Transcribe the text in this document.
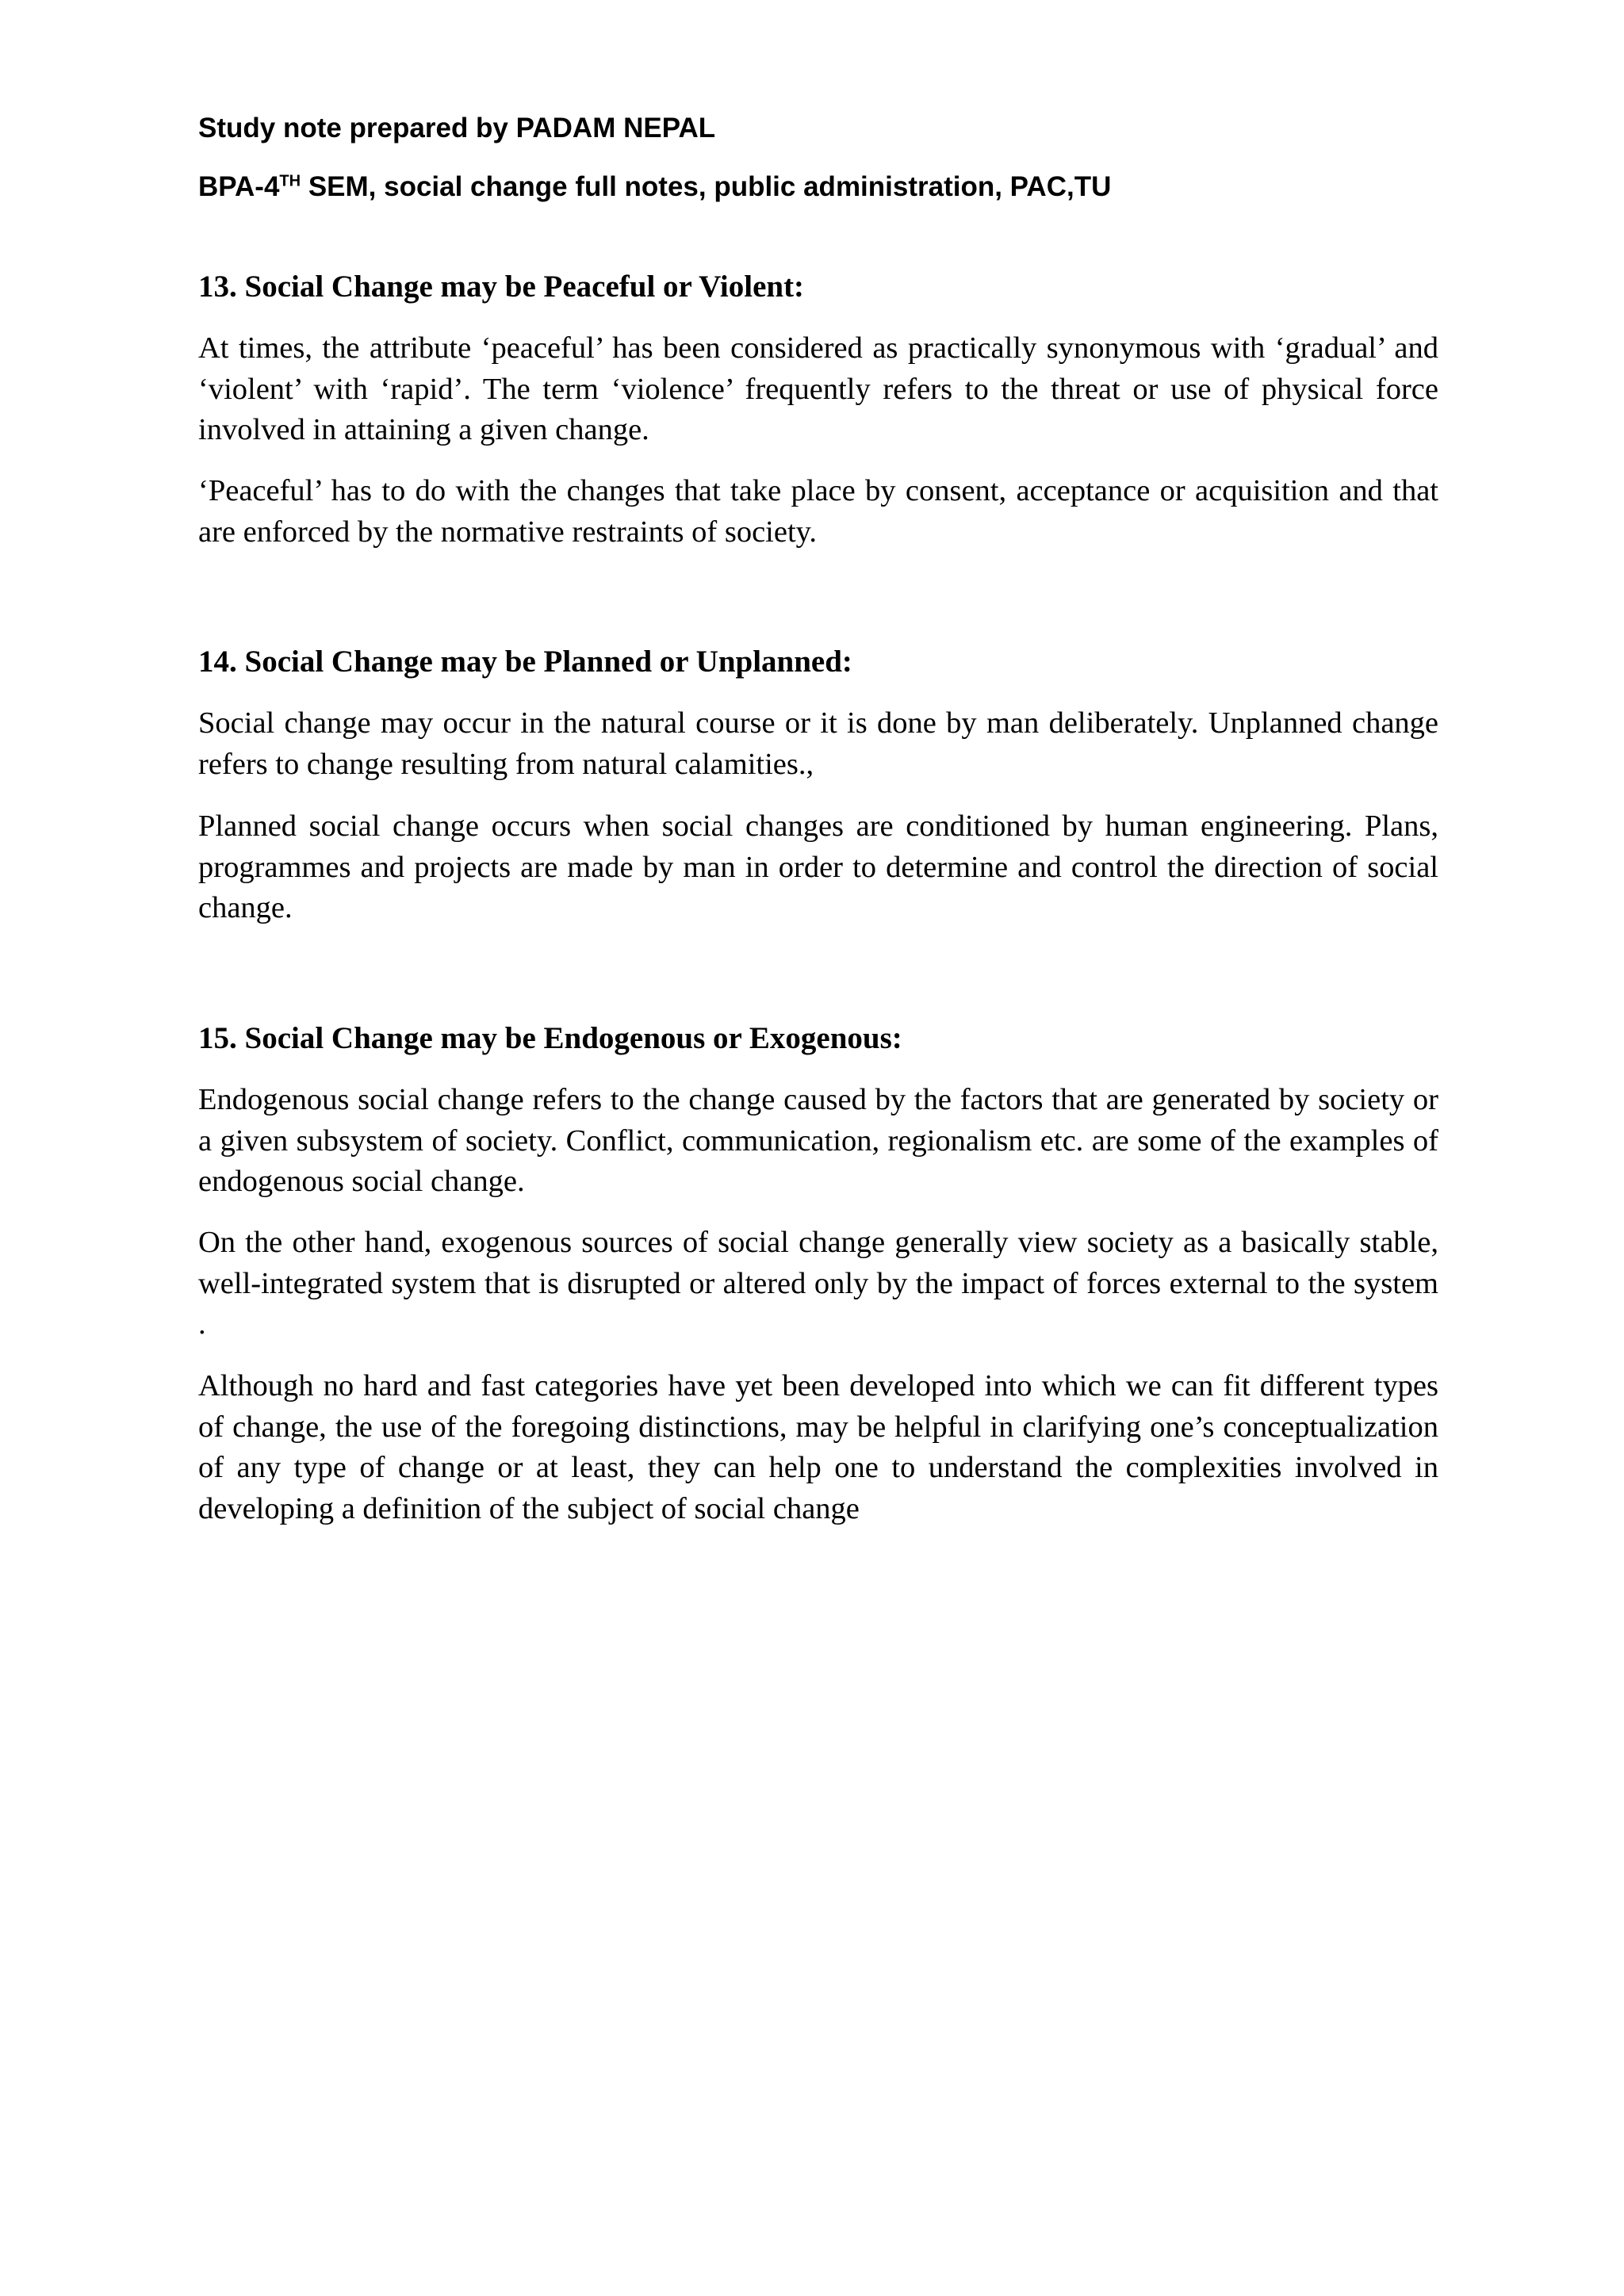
Study note prepared by PADAM NEPAL

BPA-4TH SEM, social change full notes, public administration, PAC,TU

13. Social Change may be Peaceful or Violent:

At times, the attribute ‘peaceful’ has been considered as practically synonymous with ‘gradual’ and ‘violent’ with ‘rapid’. The term ‘violence’ frequently refers to the threat or use of physical force involved in attaining a given change.

‘Peaceful’ has to do with the changes that take place by consent, acceptance or acquisition and that are enforced by the normative restraints of society.

14. Social Change may be Planned or Unplanned:

Social change may occur in the natural course or it is done by man deliberately. Unplanned change refers to change resulting from natural calamities.,

Planned social change occurs when social changes are conditioned by human engineering. Plans, programmes and projects are made by man in order to determine and control the direction of social change.

15. Social Change may be Endogenous or Exogenous:

Endogenous social change refers to the change caused by the factors that are generated by society or a given subsystem of society. Conflict, communication, regionalism etc. are some of the examples of endogenous social change.

On the other hand, exogenous sources of social change generally view society as a basically stable, well-integrated system that is disrupted or altered only by the impact of forces external to the system .

Although no hard and fast categories have yet been developed into which we can fit different types of change, the use of the foregoing distinctions, may be helpful in clarifying one’s conceptualization of any type of change or at least, they can help one to understand the complexities involved in developing a definition of the subject of social change
